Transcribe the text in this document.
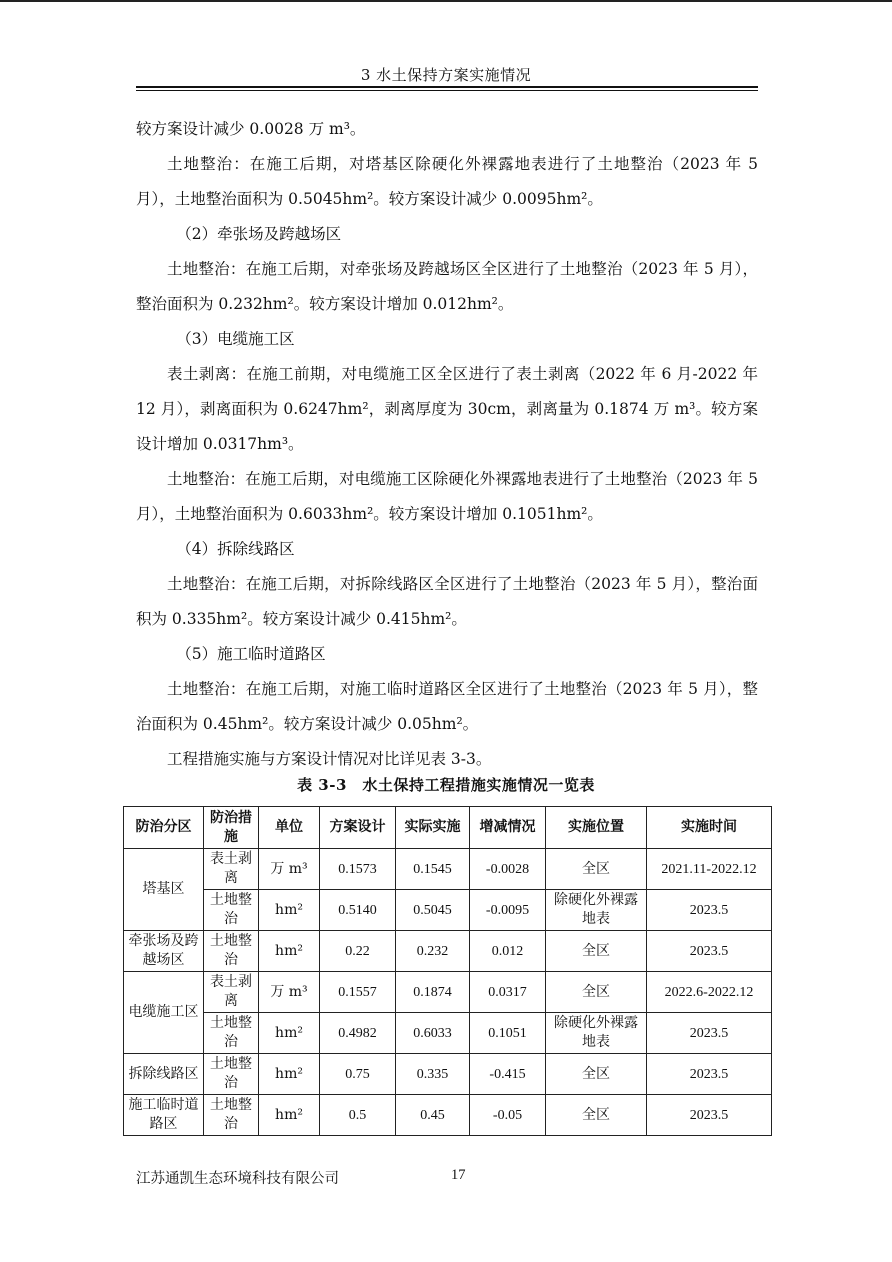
3 水土保持方案实施情况

较方案设计减少 0.0028 万 m³。

土地整治：在施工后期，对塔基区除硬化外裸露地表进行了土地整治（2023 年 5 月），土地整治面积为 0.5045hm²。较方案设计减少 0.0095hm²。

（2）牵张场及跨越场区

土地整治：在施工后期，对牵张场及跨越场区全区进行了土地整治（2023 年 5 月），整治面积为 0.232hm²。较方案设计增加 0.012hm²。

（3）电缆施工区

表土剥离：在施工前期，对电缆施工区全区进行了表土剥离（2022 年 6 月-2022 年 12 月），剥离面积为 0.6247hm²，剥离厚度为 30cm，剥离量为 0.1874 万 m³。较方案设计增加 0.0317hm³。

土地整治：在施工后期，对电缆施工区除硬化外裸露地表进行了土地整治（2023 年 5 月），土地整治面积为 0.6033hm²。较方案设计增加 0.1051hm²。

（4）拆除线路区

土地整治：在施工后期，对拆除线路区全区进行了土地整治（2023 年 5 月），整治面积为 0.335hm²。较方案设计减少 0.415hm²。

（5）施工临时道路区

土地整治：在施工后期，对施工临时道路区全区进行了土地整治（2023 年 5 月），整治面积为 0.45hm²。较方案设计减少 0.05hm²。

工程措施实施与方案设计情况对比详见表 3-3。

表 3-3　水土保持工程措施实施情况一览表
防治分区	防治措施	单位	方案设计	实际实施	增减情况	实施位置	实施时间
塔基区	表土剥离	万 m³	0.1573	0.1545	-0.0028	全区	2021.11-2022.12
	土地整治	hm²	0.5140	0.5045	-0.0095	除硬化外裸露地表	2023.5
牵张场及跨越场区	土地整治	hm²	0.22	0.232	0.012	全区	2023.5
电缆施工区	表土剥离	万 m³	0.1557	0.1874	0.0317	全区	2022.6-2022.12
	土地整治	hm²	0.4982	0.6033	0.1051	除硬化外裸露地表	2023.5
拆除线路区	土地整治	hm²	0.75	0.335	-0.415	全区	2023.5
施工临时道路区	土地整治	hm²	0.5	0.45	-0.05	全区	2023.5
江苏通凯生态环境科技有限公司	17
